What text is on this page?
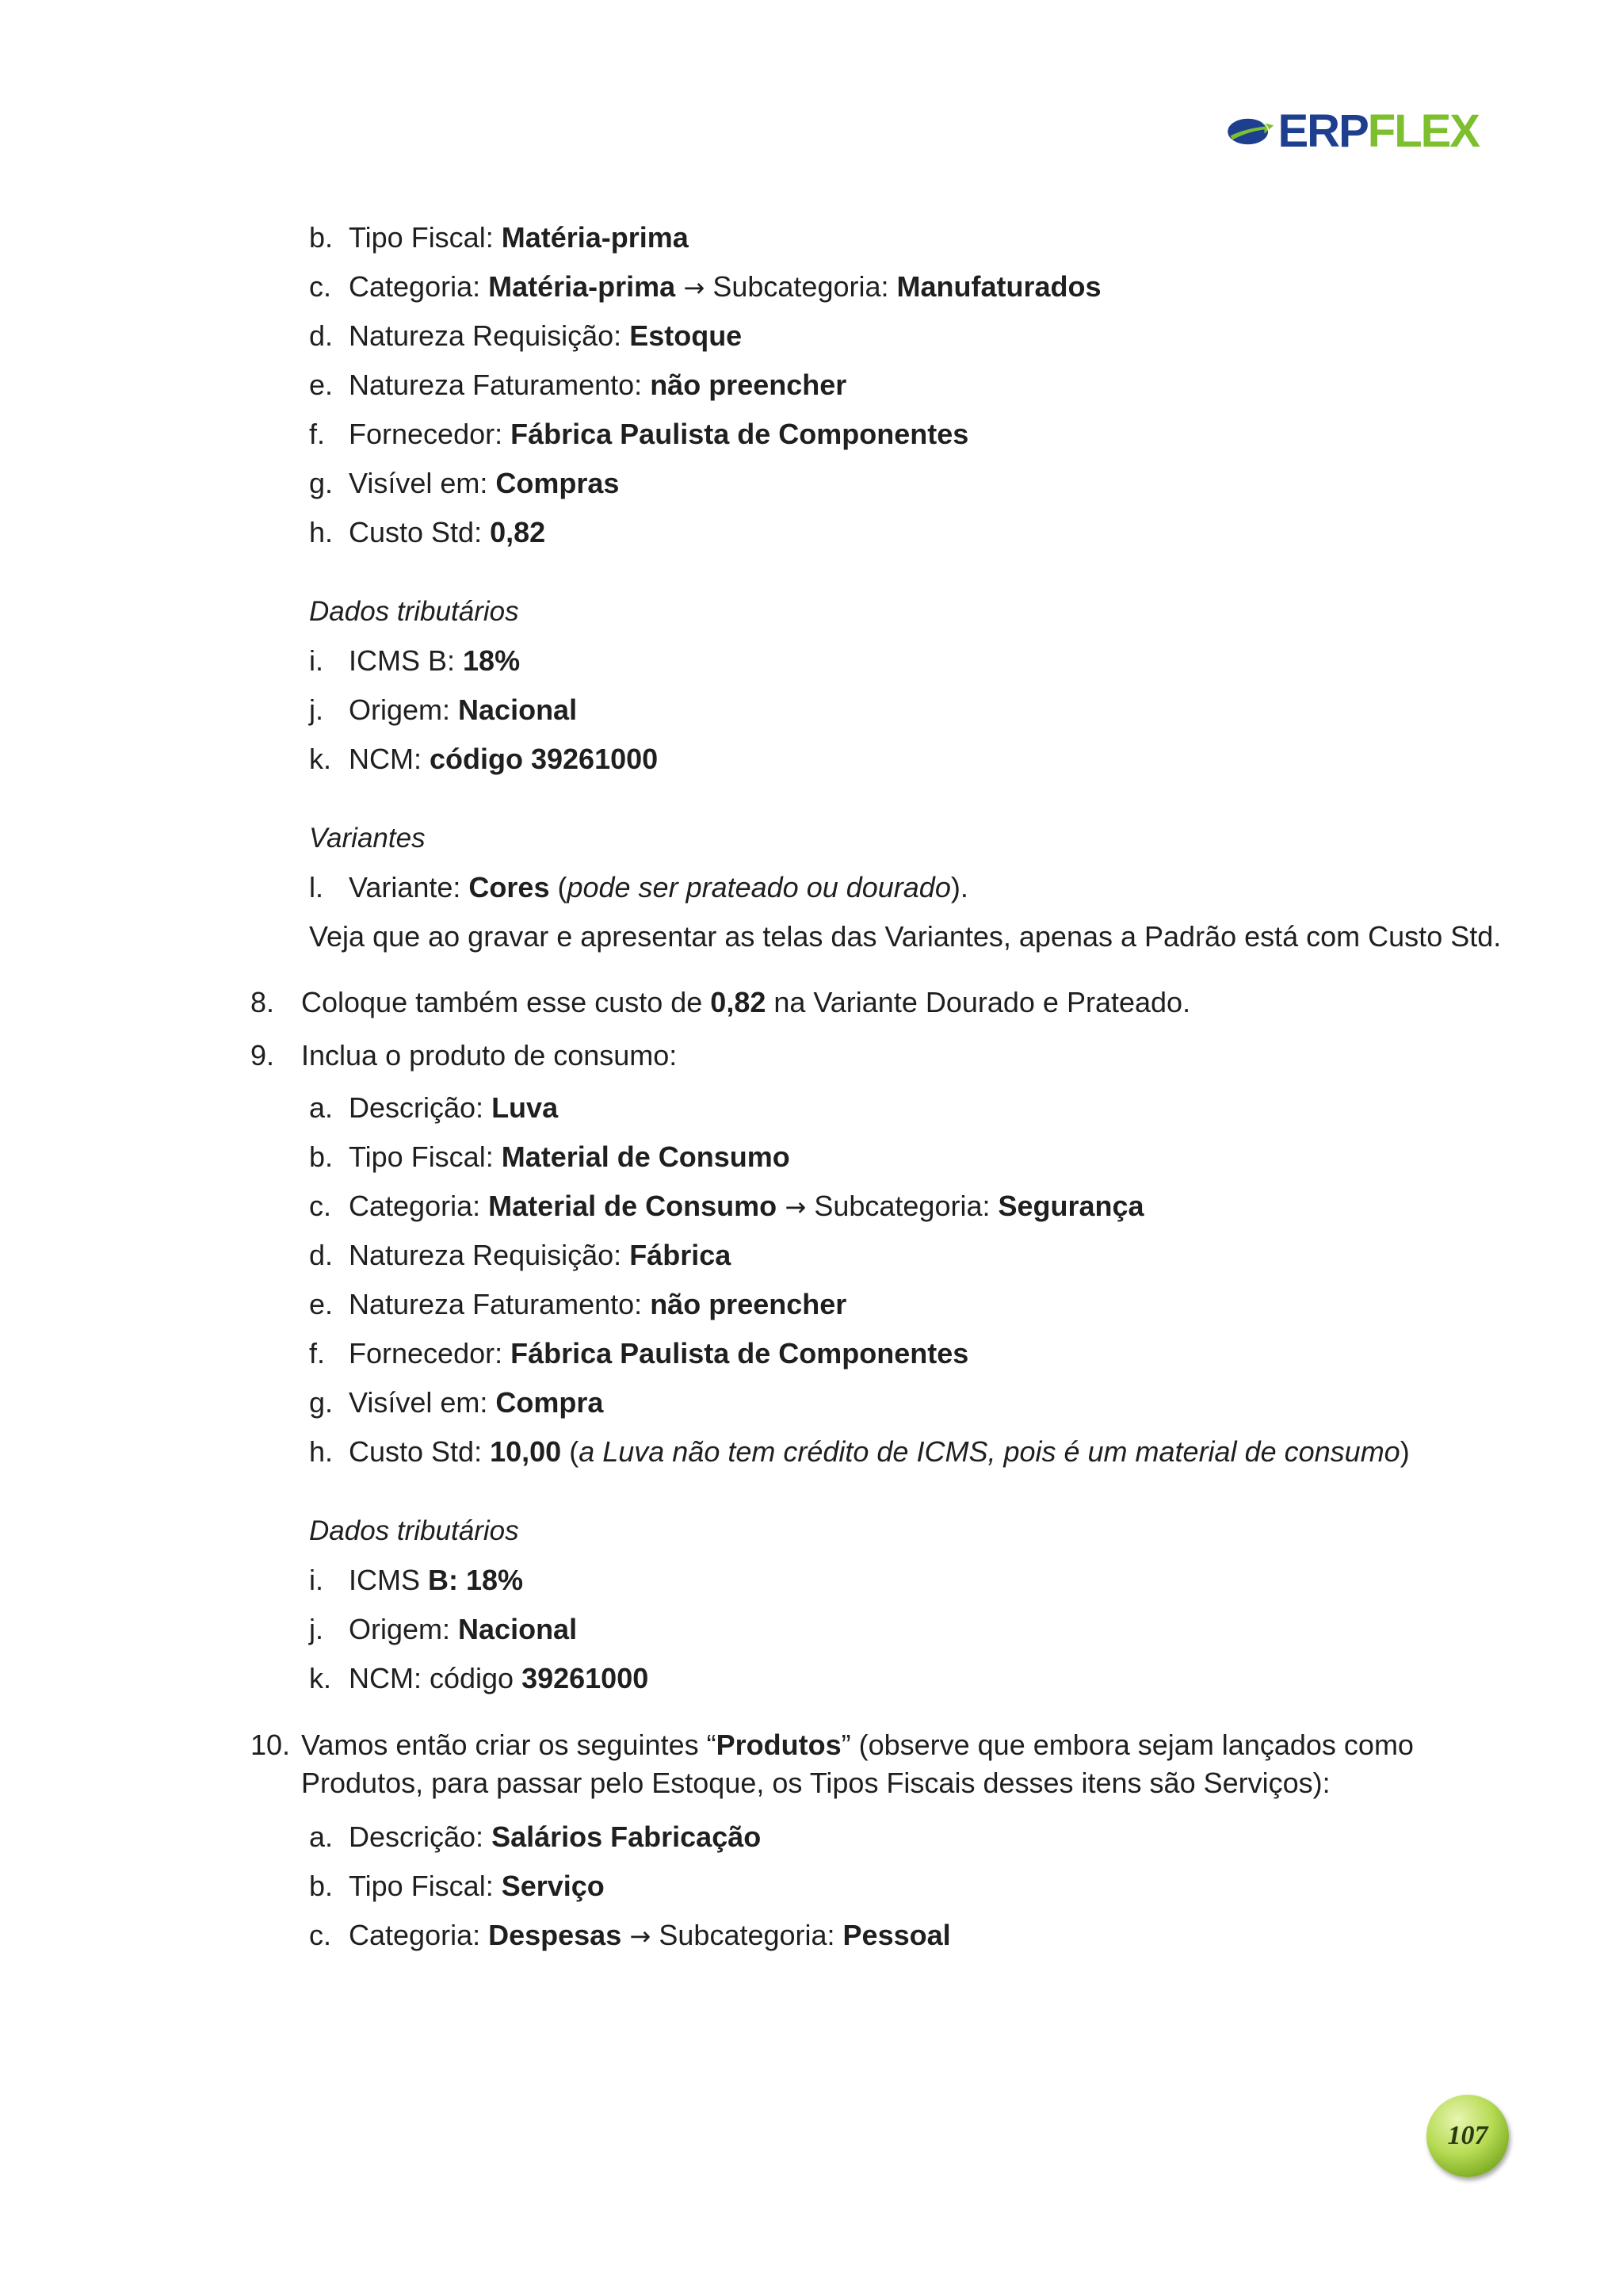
ERPFLEX
b. Tipo Fiscal: Matéria-prima
c. Categoria: Matéria-prima → Subcategoria: Manufaturados
d. Natureza Requisição: Estoque
e. Natureza Faturamento: não preencher
f. Fornecedor: Fábrica Paulista de Componentes
g. Visível em: Compras
h. Custo Std: 0,82
Dados tributários
i. ICMS B: 18%
j. Origem: Nacional
k. NCM: código 39261000
Variantes
l. Variante: Cores (pode ser prateado ou dourado).
Veja que ao gravar e apresentar as telas das Variantes, apenas a Padrão está com Custo Std.
8. Coloque também esse custo de 0,82 na Variante Dourado e Prateado.
9. Inclua o produto de consumo:
a. Descrição: Luva
b. Tipo Fiscal: Material de Consumo
c. Categoria: Material de Consumo → Subcategoria: Segurança
d. Natureza Requisição: Fábrica
e. Natureza Faturamento: não preencher
f. Fornecedor: Fábrica Paulista de Componentes
g. Visível em: Compra
h. Custo Std: 10,00 (a Luva não tem crédito de ICMS, pois é um material de consumo)
Dados tributários
i. ICMS B: 18%
j. Origem: Nacional
k. NCM: código 39261000
10. Vamos então criar os seguintes “Produtos” (observe que embora sejam lançados como
Produtos, para passar pelo Estoque, os Tipos Fiscais desses itens são Serviços):
a. Descrição: Salários Fabricação
b. Tipo Fiscal: Serviço
c. Categoria: Despesas → Subcategoria: Pessoal
107
